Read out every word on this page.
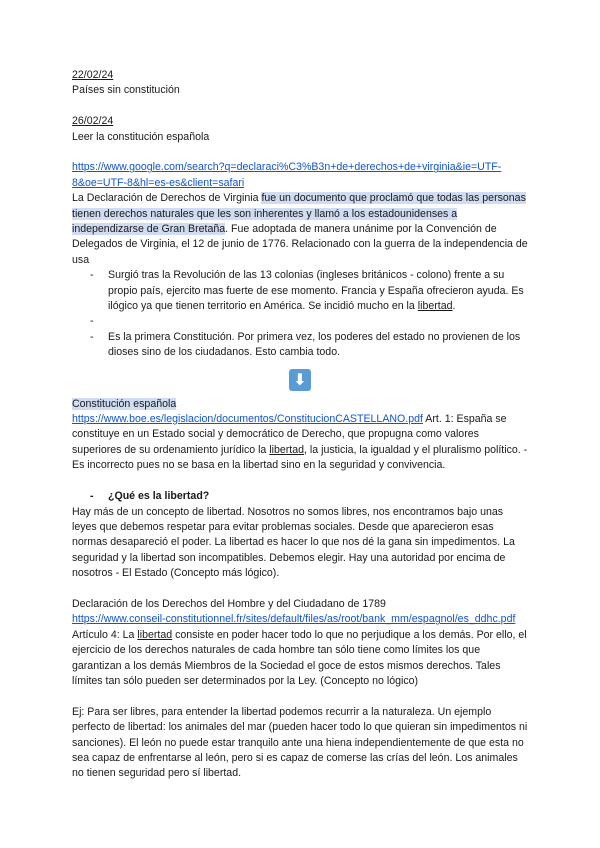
22/02/24

Países sin constitución

26/02/24

Leer la constitución española

https://www.google.com/search?q=declaraci%C3%B3n+de+derechos+de+virginia&ie=UTF-8&oe=UTF-8&hl=es-es&client=safari

La Declaración de Derechos de Virginia fue un documento que proclamó que todas las personas tienen derechos naturales que les son inherentes y llamó a los estadounidenses a independizarse de Gran Bretaña. Fue adoptada de manera unánime por la Convención de Delegados de Virginia, el 12 de junio de 1776. Relacionado con la guerra de la independencia de usa

- Surgió tras la Revolución de las 13 colonias (ingleses británicos - colono) frente a su propio país, ejercito mas fuerte de ese momento. Francia y España ofrecieron ayuda. Es ilógico ya que tienen territorio en América. Se incidió mucho en la libertad.
-
- Es la primera Constitución. Por primera vez, los poderes del estado no provienen de los dioses sino de los ciudadanos. Esto cambia todo.
⬇

Constitución española

https://www.boe.es/legislacion/documentos/ConstitucionCASTELLANO.pdf Art. 1: España se constituye en un Estado social y democrático de Derecho, que propugna como valores superiores de su ordenamiento jurídico la libertad, la justicia, la igualdad y el pluralismo político. - Es incorrecto pues no se basa en la libertad sino en la seguridad y convivencia.

- ¿Qué es la libertad?

Hay más de un concepto de libertad. Nosotros no somos libres, nos encontramos bajo unas leyes que debemos respetar para evitar problemas sociales. Desde que aparecieron esas normas desapareció el poder. La libertad es hacer lo que nos dé la gana sin impedimentos. La seguridad y la libertad son incompatibles. Debemos elegir. Hay una autoridad por encima de nosotros - El Estado (Concepto más lógico).

Declaración de los Derechos del Hombre y del Ciudadano de 1789

https://www.conseil-constitutionnel.fr/sites/default/files/as/root/bank_mm/espagnol/es_ddhc.pdf Artículo 4: La libertad consiste en poder hacer todo lo que no perjudique a los demás. Por ello, el ejercicio de los derechos naturales de cada hombre tan sólo tiene como límites los que garantizan a los demás Miembros de la Sociedad el goce de estos mismos derechos. Tales límites tan sólo pueden ser determinados por la Ley. (Concepto no lógico)

Ej: Para ser libres, para entender la libertad podemos recurrir a la naturaleza. Un ejemplo perfecto de libertad: los animales del mar (pueden hacer todo lo que quieran sin impedimentos ni sanciones). El león no puede estar tranquilo ante una hiena independientemente de que esta no sea capaz de enfrentarse al león, pero si es capaz de comerse las crías del león. Los animales no tienen seguridad pero sí libertad.
